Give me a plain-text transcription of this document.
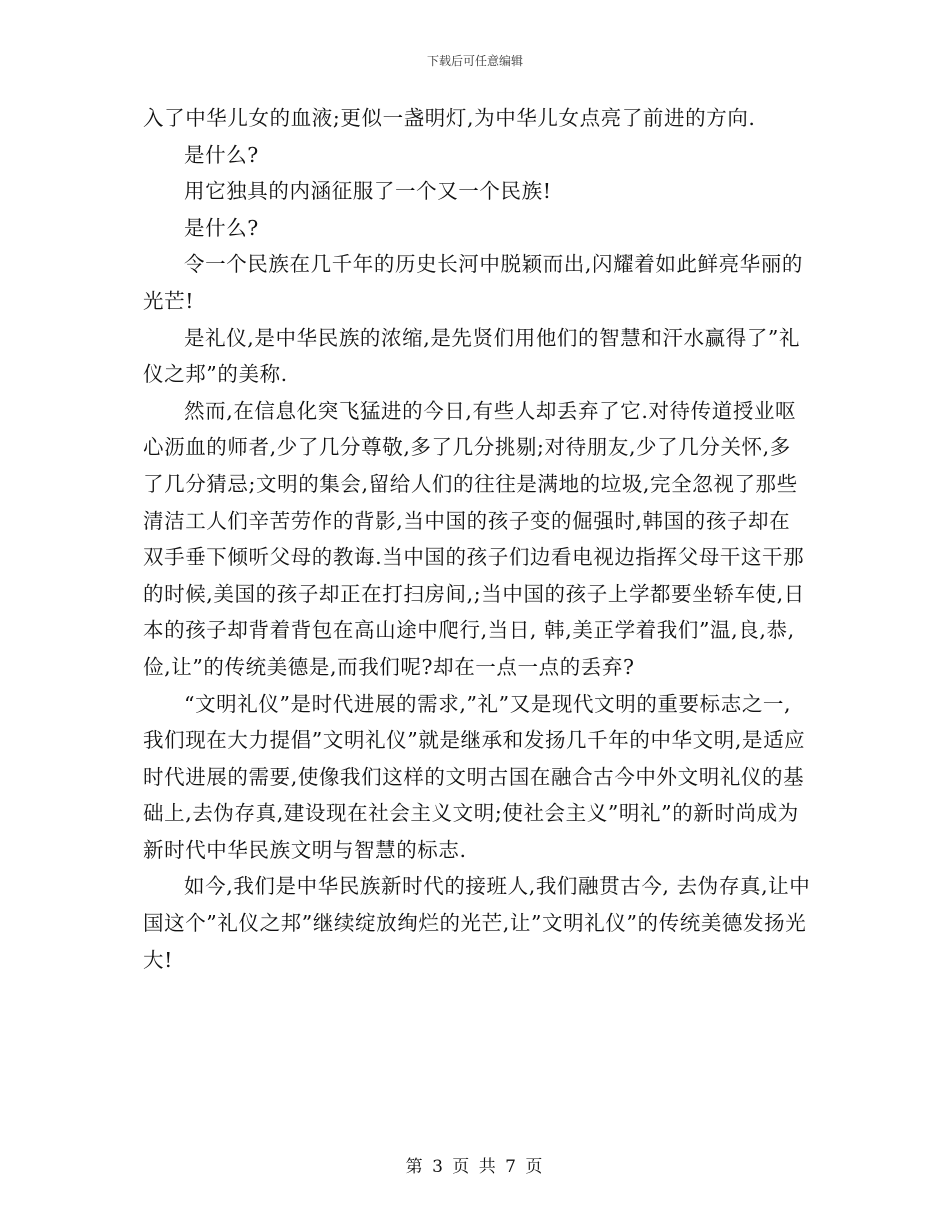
下载后可任意编辑

入了中华儿女的血液;更似一盏明灯,为中华儿女点亮了前进的方向.

是什么?

用它独具的内涵征服了一个又一个民族!

是什么?

令一个民族在几千年的历史长河中脱颖而出,闪耀着如此鲜亮华丽的光芒!

是礼仪,是中华民族的浓缩,是先贤们用他们的智慧和汗水赢得了”礼仪之邦”的美称.

然而,在信息化突飞猛进的今日,有些人却丢弃了它.对待传道授业呕心沥血的师者,少了几分尊敬,多了几分挑剔;对待朋友,少了几分关怀,多了几分猜忌;文明的集会,留给人们的往往是满地的垃圾,完全忽视了那些清洁工人们辛苦劳作的背影,当中国的孩子变的倔强时,韩国的孩子却在双手垂下倾听父母的教诲.当中国的孩子们边看电视边指挥父母干这干那的时候,美国的孩子却正在打扫房间,;当中国的孩子上学都要坐轿车使,日本的孩子却背着背包在高山途中爬行,当日, 韩,美正学着我们”温,良,恭,俭,让”的传统美德是,而我们呢?却在一点一点的丢弃?

“文明礼仪”是时代进展的需求,”礼”又是现代文明的重要标志之一,我们现在大力提倡”文明礼仪”就是继承和发扬几千年的中华文明,是适应时代进展的需要,使像我们这样的文明古国在融合古今中外文明礼仪的基础上,去伪存真,建设现在社会主义文明;使社会主义”明礼”的新时尚成为新时代中华民族文明与智慧的标志.

如今,我们是中华民族新时代的接班人,我们融贯古今, 去伪存真,让中国这个”礼仪之邦”继续绽放绚烂的光芒,让”文明礼仪”的传统美德发扬光大!

第 3 页 共 7 页
